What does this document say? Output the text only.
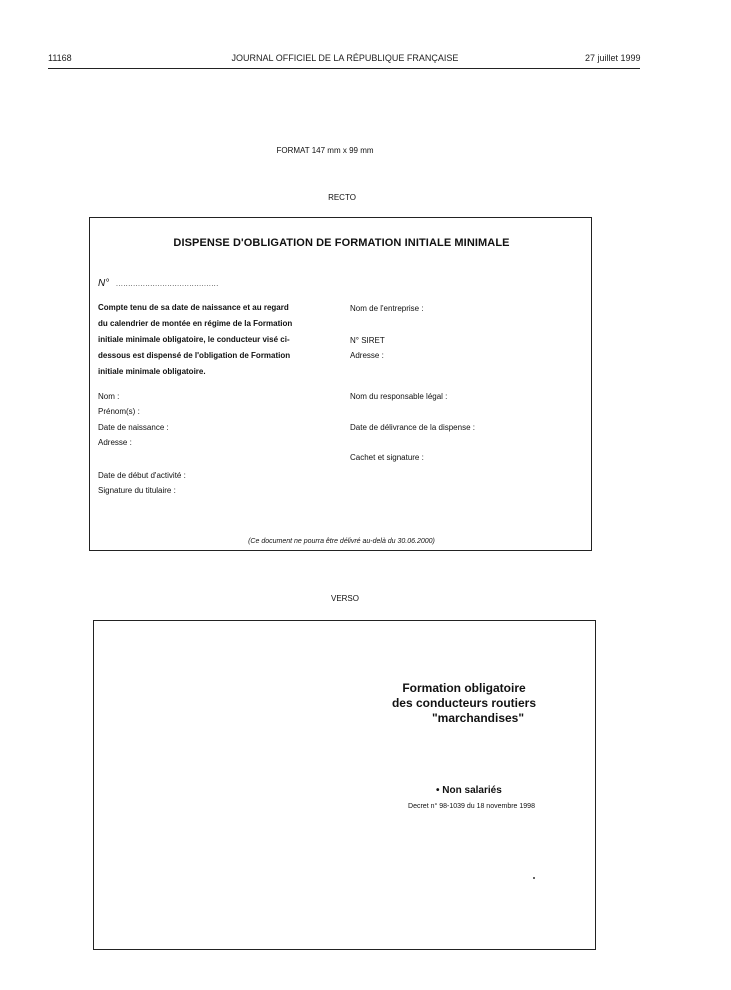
11168	JOURNAL OFFICIEL DE LA RÉPUBLIQUE FRANÇAISE	27 juillet 1999
FORMAT 147 mm x 99 mm
RECTO
DISPENSE D'OBLIGATION DE FORMATION INITIALE MINIMALE
N° ..........................................
Compte tenu de sa date de naissance et au regard
du calendrier de montée en régime de la Formation
initiale minimale obligatoire, le conducteur visé ci-
dessous est dispensé de l'obligation de Formation
initiale minimale obligatoire.
Nom :
Prénom(s) :
Date de naissance :
Adresse :
Date de début d'activité :
Signature du titulaire :
Nom de l'entreprise :
N° SIRET
Adresse :
Nom du responsable légal :
Date de délivrance de la dispense :
Cachet et signature :
(Ce document ne pourra être délivré au-delà du 30.06.2000)
VERSO
Formation obligatoire
des conducteurs routiers
"marchandises"
• Non salariés
Decret n° 98-1039 du 18 novembre 1998
